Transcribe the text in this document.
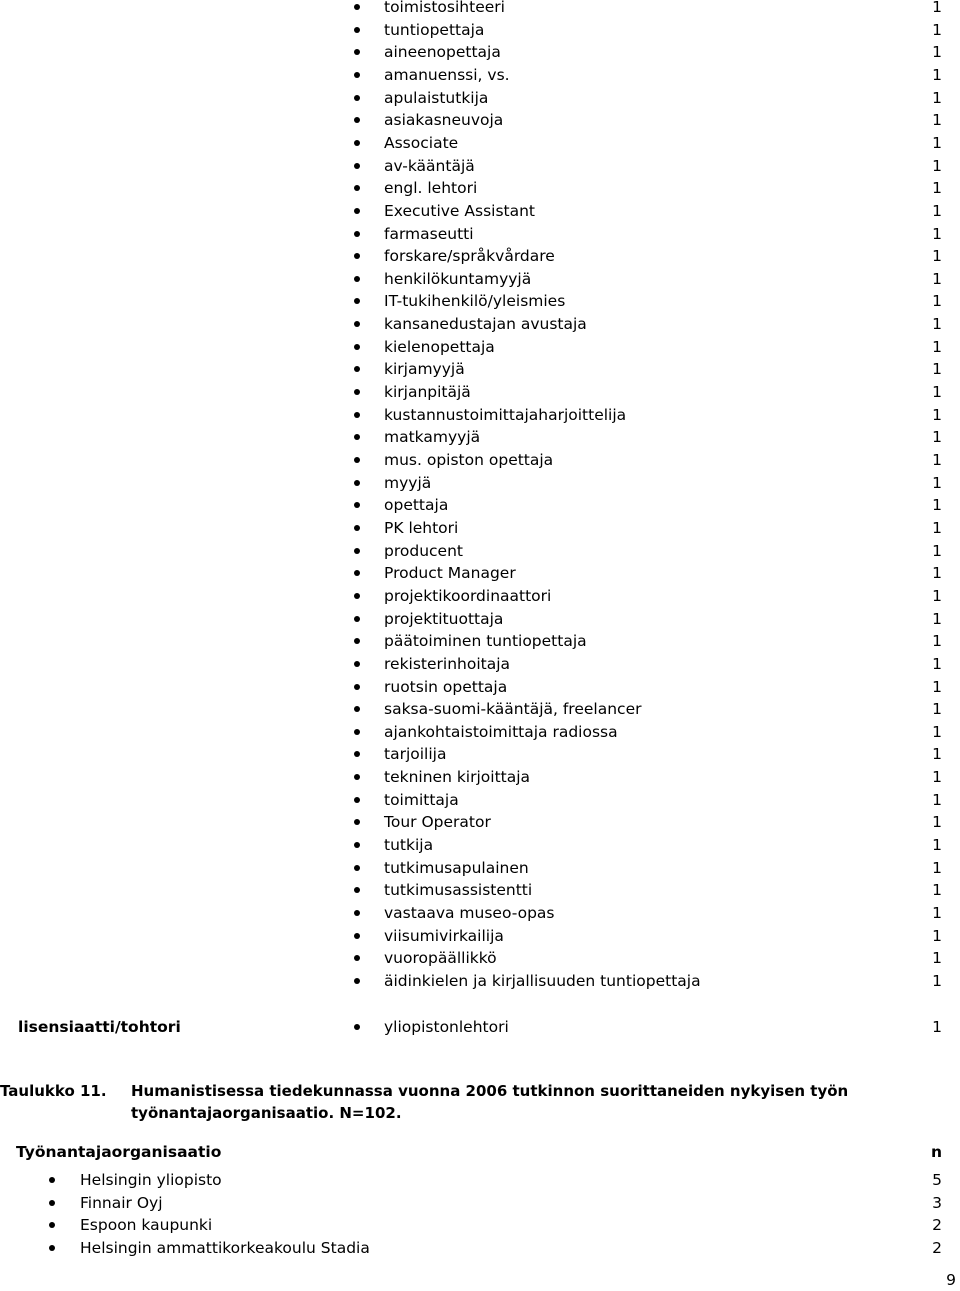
toimistosihteeri	1
tuntiopettaja	1
aineenopettaja	1
amanuenssi, vs.	1
apulaistutkija	1
asiakasneuvoja	1
Associate	1
av-kääntäjä	1
engl. lehtori	1
Executive Assistant	1
farmaseutti	1
forskare/språkvårdare	1
henkilökuntamyyjä	1
IT-tukihenkilö/yleismies	1
kansanedustajan avustaja	1
kielenopettaja	1
kirjamyyjä	1
kirjanpitäjä	1
kustannustoimittajaharjoittelija	1
matkamyyjä	1
mus. opiston opettaja	1
myyjä	1
opettaja	1
PK lehtori	1
producent	1
Product Manager	1
projektikoordinaattori	1
projektituottaja	1
päätoiminen tuntiopettaja	1
rekisterinhoitaja	1
ruotsin opettaja	1
saksa-suomi-kääntäjä, freelancer	1
ajankohtaistoimittaja radiossa	1
tarjoilija	1
tekninen kirjoittaja	1
toimittaja	1
Tour Operator	1
tutkija	1
tutkimusapulainen	1
tutkimusassistentti	1
vastaava museo-opas	1
viisumivirkailija	1
vuoropäällikkö	1
äidinkielen ja kirjallisuuden tuntiopettaja	1
lisensiaatti/tohtori	yliopistonlehtori	1
Taulukko 11. Humanistisessa tiedekunnassa vuonna 2006 tutkinnon suorittaneiden nykyisen työn
työnantajaorganisaatio. N=102.
Työnantajaorganisaatio	n
Helsingin yliopisto	5
Finnair Oyj	3
Espoon kaupunki	2
Helsingin ammattikorkeakoulu Stadia	2
9
